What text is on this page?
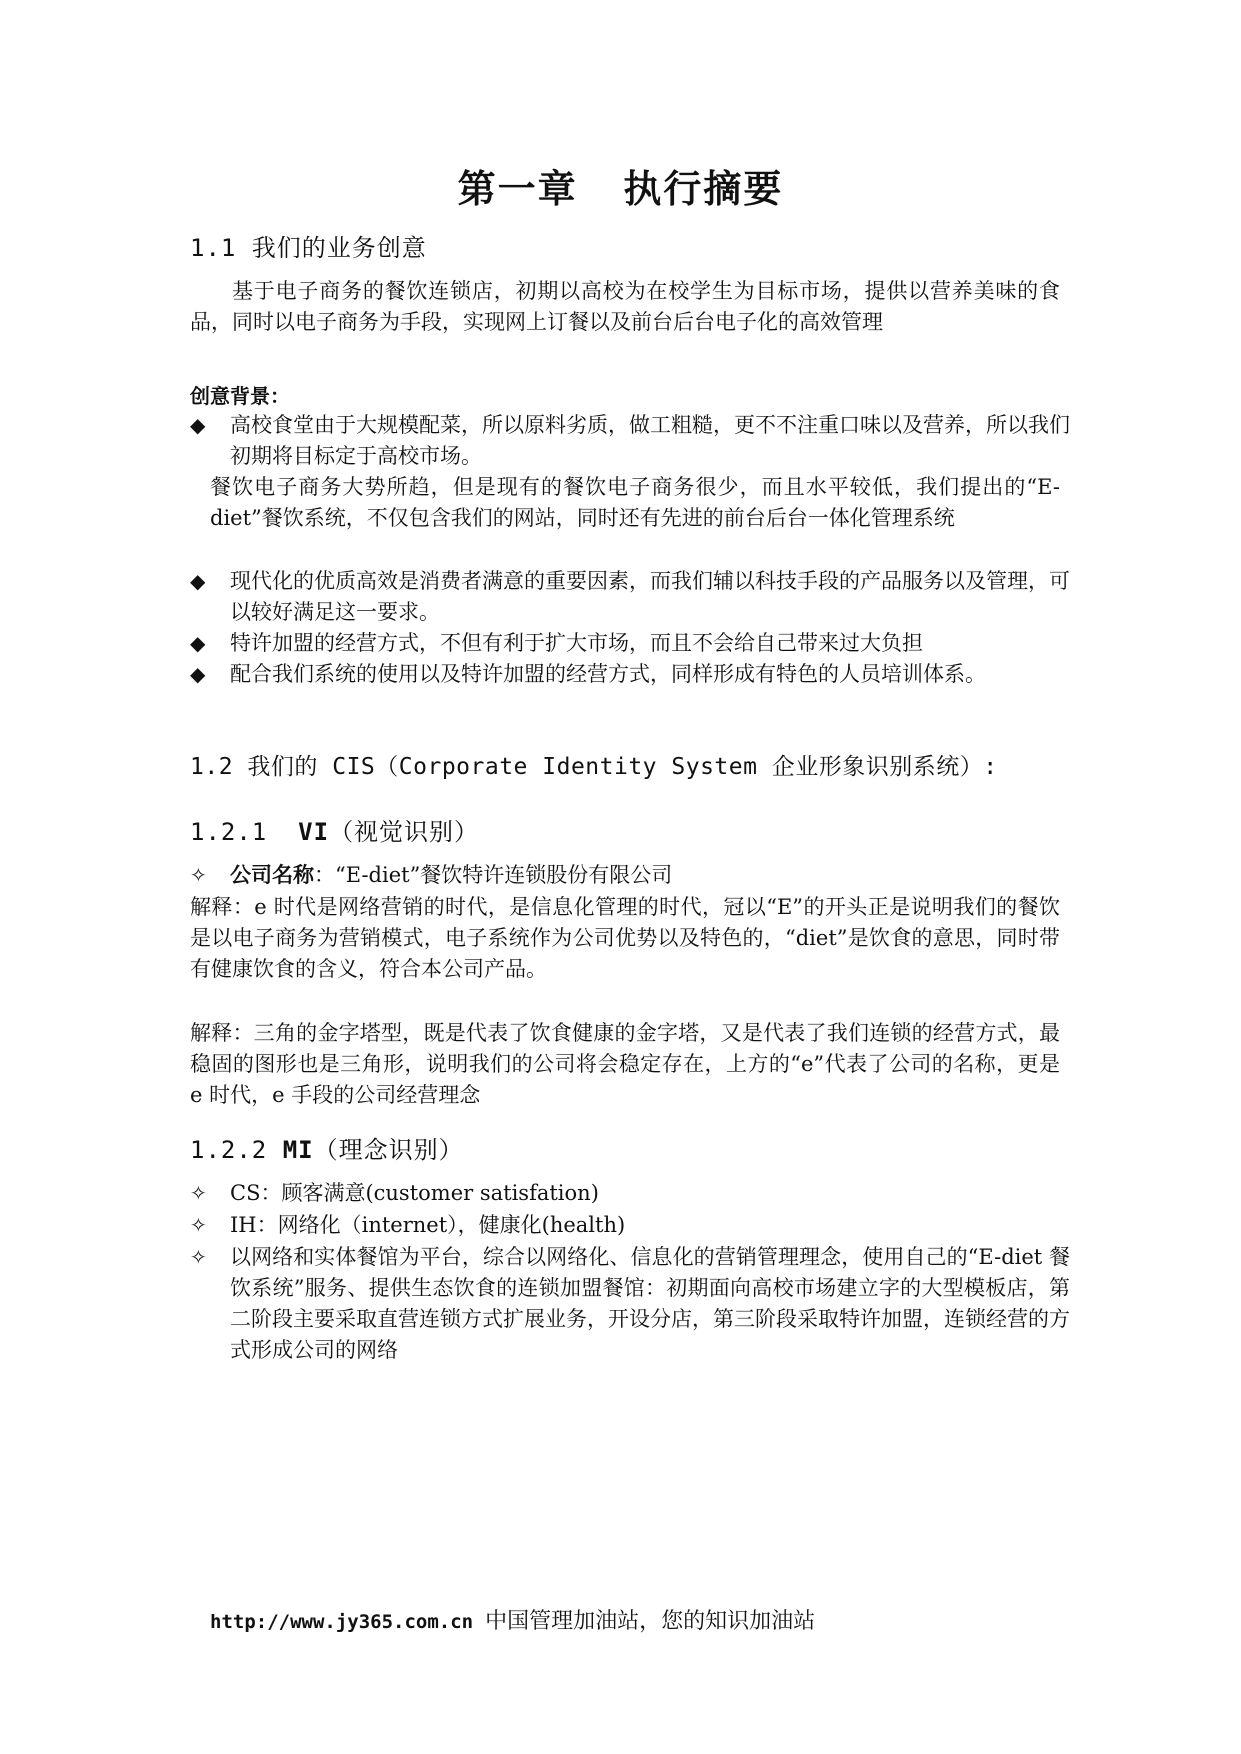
第一章   执行摘要
1.1 我们的业务创意

基于电子商务的餐饮连锁店，初期以高校为在校学生为目标市场，提供以营养美味的食品，同时以电子商务为手段，实现网上订餐以及前台后台电子化的高效管理

创意背景：
◆	高校食堂由于大规模配菜，所以原料劣质，做工粗糙，更不不注重口味以及营养，所以我们初期将目标定于高校市场。

餐饮电子商务大势所趋，但是现有的餐饮电子商务很少，而且水平较低，我们提出的“E-diet”餐饮系统，不仅包含我们的网站，同时还有先进的前台后台一体化管理系统

◆	现代化的优质高效是消费者满意的重要因素，而我们辅以科技手段的产品服务以及管理，可以较好满足这一要求。
◆	特许加盟的经营方式，不但有利于扩大市场，而且不会给自己带来过大负担
◆	配合我们系统的使用以及特许加盟的经营方式，同样形成有特色的人员培训体系。
1.2 我们的 CIS（Corporate Identity System 企业形象识别系统）:
1.2.1  VI（视觉识别）
✧	公司名称：“E-diet”餐饮特许连锁股份有限公司

解释：e 时代是网络营销的时代，是信息化管理的时代，冠以“E”的开头正是说明我们的餐饮是以电子商务为营销模式，电子系统作为公司优势以及特色的，“diet”是饮食的意思，同时带有健康饮食的含义，符合本公司产品。

解释：三角的金字塔型，既是代表了饮食健康的金字塔，又是代表了我们连锁的经营方式，最稳固的图形也是三角形，说明我们的公司将会稳定存在，上方的“e”代表了公司的名称，更是 e 时代，e 手段的公司经营理念

1.2.2 MI（理念识别）
✧	CS：顾客满意(customer satisfation)
✧	IH：网络化（internet），健康化(health)
✧	以网络和实体餐馆为平台，综合以网络化、信息化的营销管理理念，使用自己的“E-diet 餐饮系统”服务、提供生态饮食的连锁加盟餐馆：初期面向高校市场建立字的大型模板店，第二阶段主要采取直营连锁方式扩展业务，开设分店，第三阶段采取特许加盟，连锁经营的方式形成公司的网络
http://www.jy365.com.cn 中国管理加油站，您的知识加油站
